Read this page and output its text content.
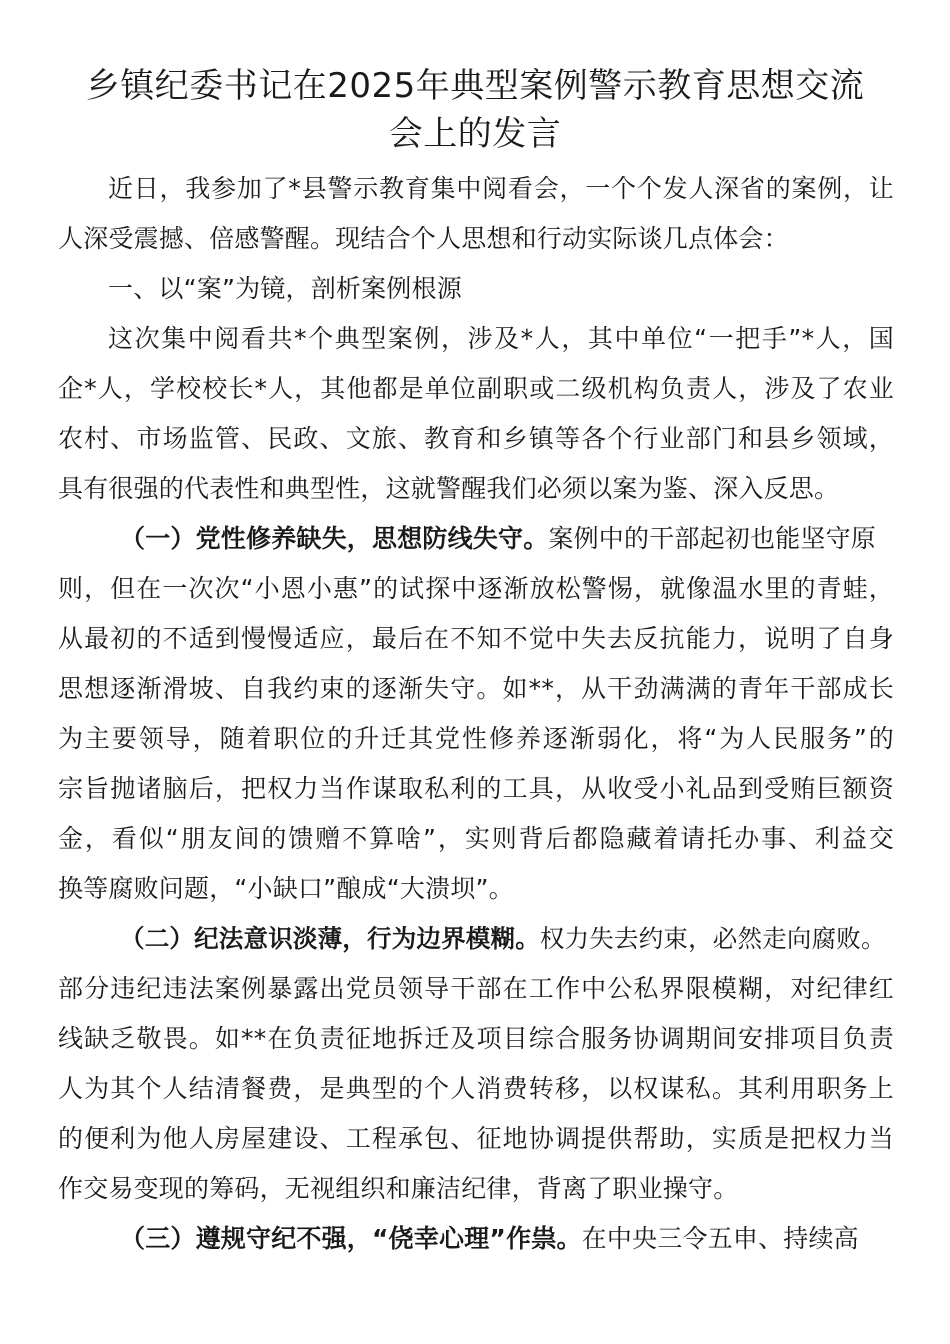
乡镇纪委书记在2025年典型案例警示教育思想交流
会上的发言
近日，我参加了*县警示教育集中阅看会，一个个发人深省的案例，让
人深受震撼、倍感警醒。现结合个人思想和行动实际谈几点体会：
一、以“案”为镜，剖析案例根源
这次集中阅看共*个典型案例，涉及*人，其中单位“一把手”*人，国
企*人，学校校长*人，其他都是单位副职或二级机构负责人，涉及了农业
农村、市场监管、民政、文旅、教育和乡镇等各个行业部门和县乡领域，
具有很强的代表性和典型性，这就警醒我们必须以案为鉴、深入反思。
（一）党性修养缺失，思想防线失守。案例中的干部起初也能坚守原
则，但在一次次“小恩小惠”的试探中逐渐放松警惕，就像温水里的青蛙，
从最初的不适到慢慢适应，最后在不知不觉中失去反抗能力，说明了自身
思想逐渐滑坡、自我约束的逐渐失守。如**，从干劲满满的青年干部成长
为主要领导，随着职位的升迁其党性修养逐渐弱化，将“为人民服务”的
宗旨抛诸脑后，把权力当作谋取私利的工具，从收受小礼品到受贿巨额资
金，看似“朋友间的馈赠不算啥”，实则背后都隐藏着请托办事、利益交
换等腐败问题，“小缺口”酿成“大溃坝”。
（二）纪法意识淡薄，行为边界模糊。权力失去约束，必然走向腐败。
部分违纪违法案例暴露出党员领导干部在工作中公私界限模糊，对纪律红
线缺乏敬畏。如**在负责征地拆迁及项目综合服务协调期间安排项目负责
人为其个人结清餐费，是典型的个人消费转移，以权谋私。其利用职务上
的便利为他人房屋建设、工程承包、征地协调提供帮助，实质是把权力当
作交易变现的筹码，无视组织和廉洁纪律，背离了职业操守。
（三）遵规守纪不强，“侥幸心理”作祟。在中央三令五申、持续高
